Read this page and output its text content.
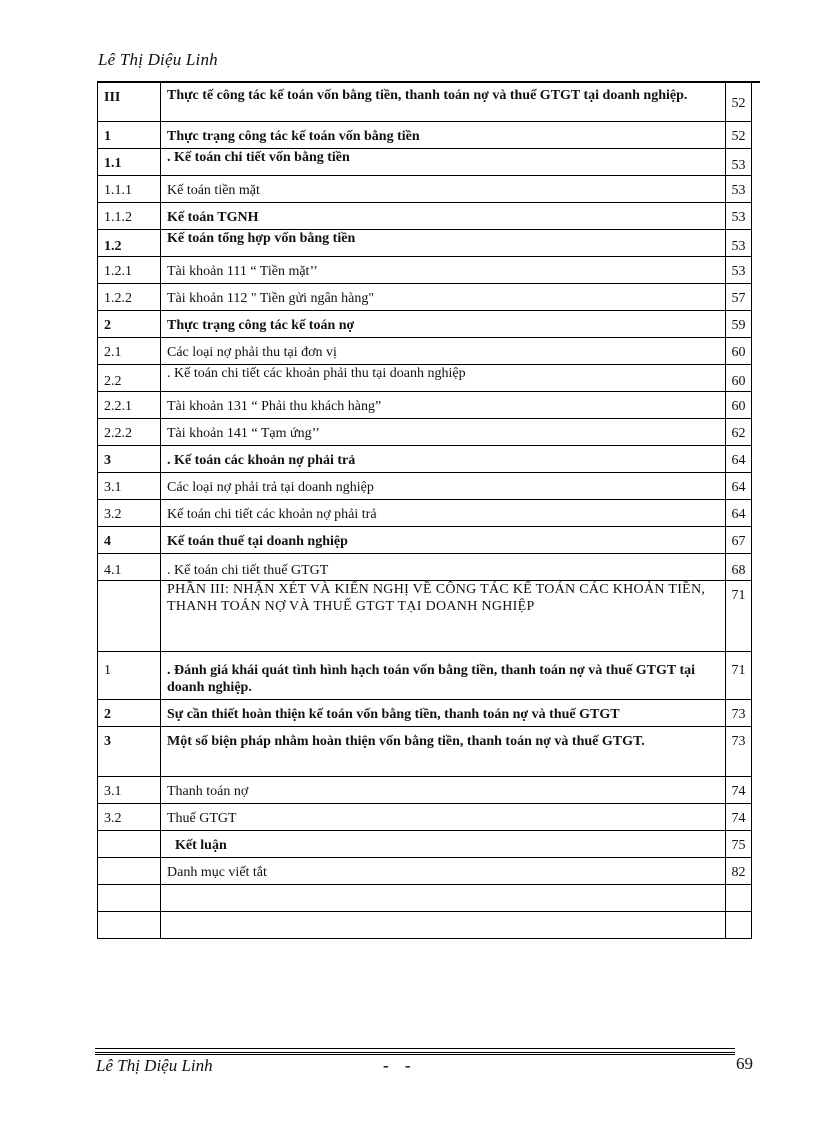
Lê Thị Diệu Linh
III	Thực tế công tác kế toán vốn bằng tiền, thanh toán nợ và thuế GTGT tại doanh nghiệp.	52
1	Thực trạng công tác kế toán vốn bằng tiền	52
1.1	. Kế toán chi tiết vốn bằng tiền	53
1.1.1	Kế toán tiền mặt	53
1.1.2	Kế toán TGNH	53
1.2	Kế toán tổng hợp vốn bằng tiền	53
1.2.1	Tài khoản 111 “ Tiền mặt’’	53
1.2.2	Tài khoản 112 " Tiền gửi ngân hàng"	57
2	Thực trạng công tác kế toán nợ	59
2.1	Các loại nợ phải thu tại đơn vị	60
2.2	. Kế toán chi tiết các khoản phải thu tại doanh nghiệp	60
2.2.1	Tài khoản 131 “ Phải thu khách hàng”	60
2.2.2	Tài khoản 141 “ Tạm ứng’’	62
3	. Kế toán các khoản nợ phải trả	64
3.1	Các loại nợ phải trả tại doanh nghiệp	64
3.2	Kế toán chi tiết các khoản nợ phải trả	64
4	Kế toán thuế tại doanh nghiệp	67
4.1	. Kế toán chi tiết thuế GTGT	68
	PHẦN III: NHẬN XÉT VÀ KIẾN NGHỊ VỀ CÔNG TÁC KẾ TOÁN CÁC KHOẢN TIỀN, THANH TOÁN NỢ VÀ THUẾ GTGT TẠI DOANH NGHIỆP	71
1	. Đánh giá khái quát tình hình hạch toán vốn bằng tiền, thanh toán nợ và thuế GTGT tại doanh nghiệp.	71
2	Sự cần thiết hoàn thiện kế toán vốn bằng tiền, thanh toán nợ và thuế GTGT	73
3	Một số biện pháp nhằm hoàn thiện vốn bằng tiền, thanh toán nợ và thuế GTGT.	73
3.1	Thanh toán nợ	74
3.2	Thuế GTGT	74
	Kết luận	75
	Danh mục viết tắt	82

Lê Thị Diệu Linh	- -	69
